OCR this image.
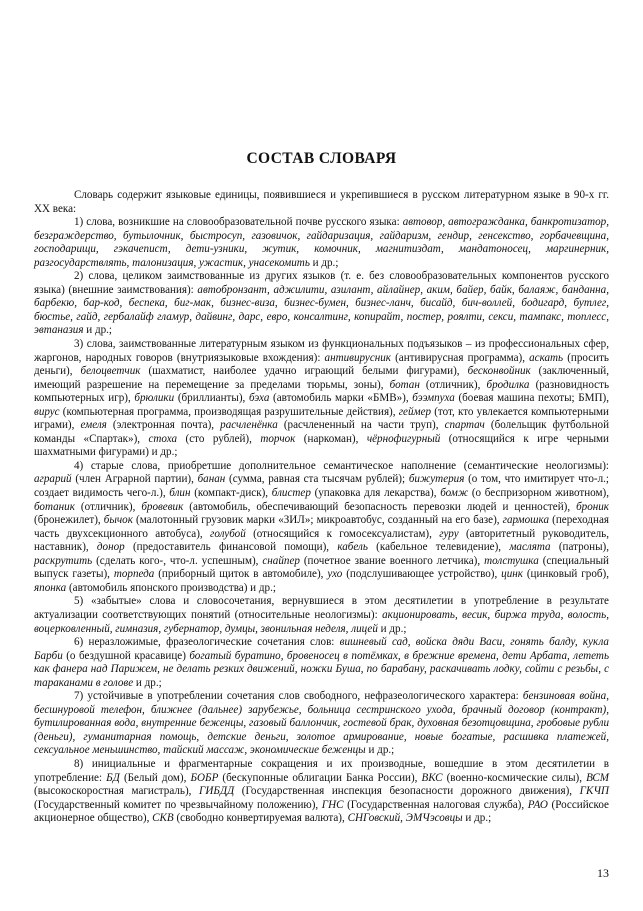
СОСТАВ СЛОВАРЯ

Словарь содержит языковые единицы, появившиеся и укрепившиеся в русском литературном языке в 90-х гг. ХХ века:

1) слова, возникшие на словообразовательной почве русского языка: автовор, автогражданка, банкротизатор, безграждерство, бутылочник, быстросуп, газовичок, гайдаризация, гайдаризм, гендир, генсекство, горбачевщина, господарищи, гэкачепист, дети-узники, жутик, комочник, магнитиздат, мандатоносец, маргинерник, разгосударствлять, талонизация, ужастик, унасекомить и др.;

2) слова, целиком заимствованные из других языков (т. е. без словообразовательных компонентов русского языка) (внешние заимствования): автобронзант, аджилити, азилант, айлайнер, аким, байер, байк, балаяж, банданна, барбекю, бар-код, беспека, биг-мак, бизнес-виза, бизнес-бумен, бизнес-ланч, бисайд, бич-воллей, бодигард, бутлег, бюстье, гайд, гербалайф гламур, дайвинг, дарс, евро, консалтинг, копирайт, постер, роялти, секси, тампакс, топлесс, эвтаназия и др.;

3) слова, заимствованные литературным языком из функциональных подъязыков – из профессиональных сфер, жаргонов, народных говоров (внутриязыковые вхождения): антивирусник (антивирусная программа), аскать (просить деньги), белоцветчик (шахматист, наиболее удачно играющий белыми фигурами), бесконвойник (заключенный, имеющий разрешение на перемещение за пределами тюрьмы, зоны), ботан (отличник), бродилка (разновидность компьютерных игр), брюлики (бриллианты), бэха (автомобиль марки «БМВ»), бээмпуха (боевая машина пехоты; БМП), вирус (компьютерная программа, производящая разрушительные действия), геймер (тот, кто увлекается компьютерными играми), емеля (электронная почта), расчленёнка (расчлененный на части труп), спартач (болельщик футбольной команды «Спартак»), стоха (сто рублей), торчок (наркоман), чёрнофигурный (относящийся к игре черными шахматными фигурами) и др.;

4) старые слова, приобретшие дополнительное семантическое наполнение (семантические неологизмы): аграрий (член Аграрной партии), банан (сумма, равная ста тысячам рублей); бижутерия (о том, что имитирует что-л.; создает видимость чего-л.), блин (компакт-диск), блистер (упаковка для лекарства), бомж (о беспризорном животном), ботаник (отличник), бровевик (автомобиль, обеспечивающий безопасность перевозки людей и ценностей), броник (бронежилет), бычок (малотонный грузовик марки «ЗИЛ»; микроавтобус, созданный на его базе), гармошка (переходная часть двухсекционного автобуса), голубой (относящийся к гомосексуалистам), гуру (авторитетный руководитель, наставник), донор (предоставитель финансовой помощи), кабель (кабельное телевидение), маслята (патроны), раскрутить (сделать кого-, что-л. успешным), снайпер (почетное звание военного летчика), толстушка (специальный выпуск газеты), торпеда (приборный щиток в автомобиле), ухо (подслушивающее устройство), цинк (цинковый гроб), японка (автомобиль японского производства) и др.;

5) «забытые» слова и словосочетания, вернувшиеся в этом десятилетии в употребление в результате актуализации соответствующих понятий (относительные неологизмы): акционировать, весик, биржа труда, волость, воцерковленный, гимназия, губернатор, думцы, звонильная неделя, лицей и др.;

6) неразложимые, фразеологические сочетания слов: вишневый сад, войска дяди Васи, гонять балду, кукла Барби (о бездушной красавице) богатый буратино, бровеносец в потёмках, в брежние времена, дети Арбата, лететь как фанера над Парижем, не делать резких движений, ножки Буша, по барабану, раскачивать лодку, сойти с резьбы, с тараканами в голове и др.;

7) устойчивые в употреблении сочетания слов свободного, нефразеологического характера: бензиновая война, бесшнуровой телефон, ближнее (дальнее) зарубежье, больница сестринского ухода, брачный договор (контракт), бутилированная вода, внутренние беженцы, газовый баллончик, гостевой брак, духовная безотцовщина, гробовые рубли (деньги), гуманитарная помощь, детские деньги, золотое армирование, новые богатые, расшивка платежей, сексуальное меньшинство, тайский массаж, экономические беженцы и др.;

8) инициальные и фрагментарные сокращения и их производные, вошедшие в этом десятилетии в употребление: БД (Белый дом), БОБР (бескупонные облигации Банка России), ВКС (военно-космические силы), ВСМ (высокоскоростная магистраль), ГИБДД (Государственная инспекция безопасности дорожного движения), ГКЧП (Государственный комитет по чрезвычайному положению), ГНС (Государственная налоговая служба), РАО (Российское акционерное общество), СКВ (свободно конвертируемая валюта), СНГовский, ЭМЧэсовцы и др.;

13
